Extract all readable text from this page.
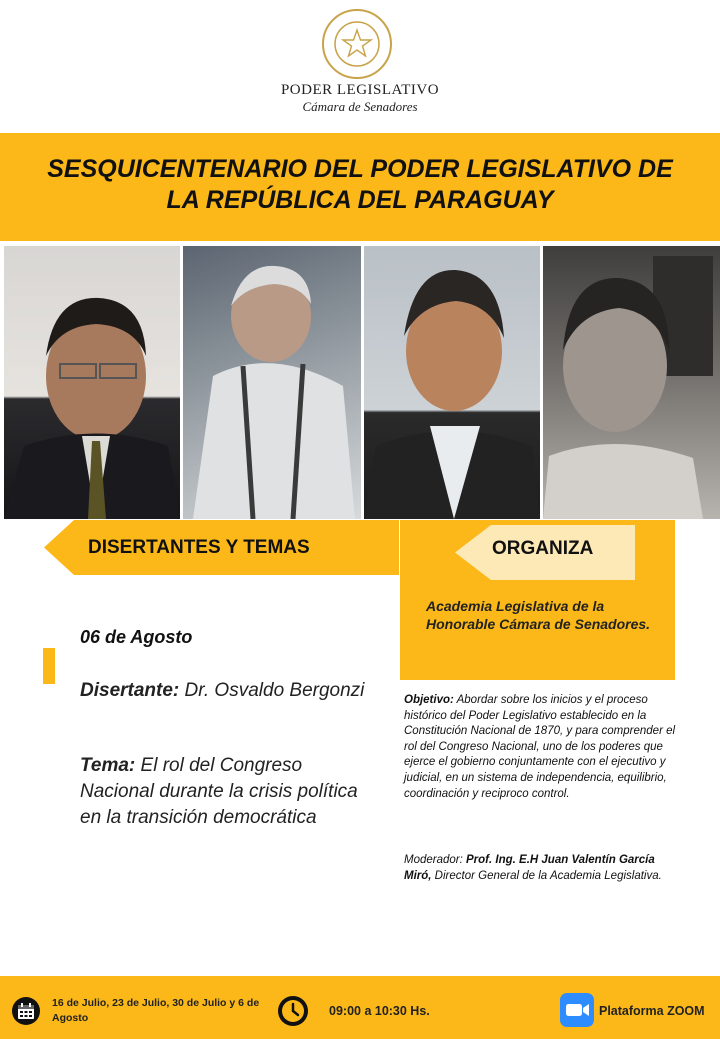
PODER LEGISLATIVO
Cámara de Senadores
SESQUICENTENARIO DEL PODER LEGISLATIVO DE
LA REPÚBLICA DEL PARAGUAY
DISERTANTES Y TEMAS	ORGANIZA
Academia Legislativa de la Honorable Cámara de Senadores.
06 de Agosto
Disertante: Dr. Osvaldo Bergonzi
Tema: El rol del Congreso Nacional durante la crisis política en la transición democrática
Objetivo: Abordar sobre los inicios y el proceso histórico del Poder Legislativo establecido en la Constitución Nacional de 1870, y para comprender el rol del Congreso Nacional, uno de los poderes que ejerce el gobierno conjuntamente con el ejecutivo y judicial, en un sistema de independencia, equilibrio, coordinación y reciproco control.
Moderador: Prof. Ing. E.H Juan Valentín García Miró, Director General de la Academia Legislativa.
16 de Julio, 23 de Julio, 30 de Julio y 6 de Agosto	09:00 a 10:30 Hs.	Plataforma ZOOM
